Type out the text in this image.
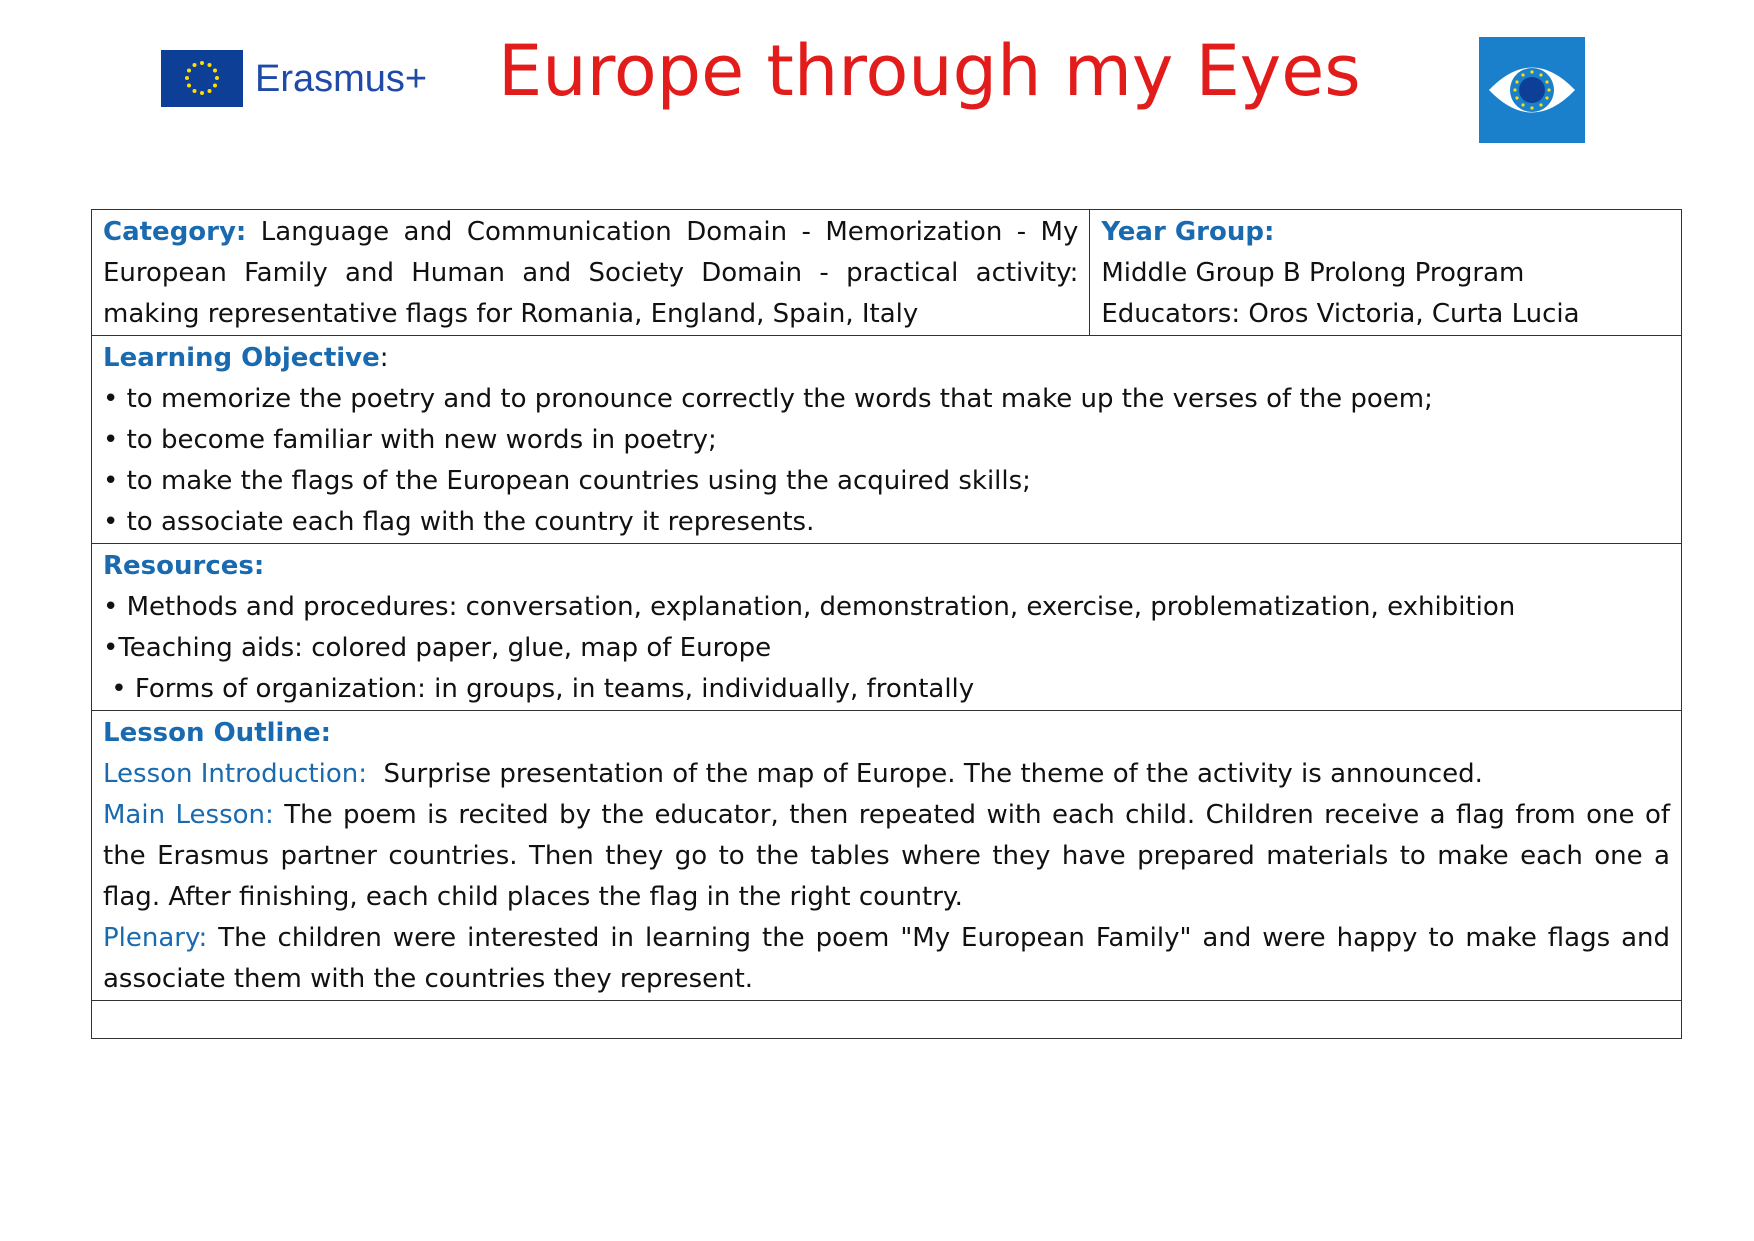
Erasmus+ Europe through my Eyes
Category: Language and Communication Domain - Memorization - My European Family and Human and Society Domain - practical activity: making representative flags for Romania, England, Spain, Italy	
Year Group:
Middle Group B Prolong Program
Educators: Oros Victoria, Curta Lucia

Learning Objective:
• to memorize the poetry and to pronounce correctly the words that make up the verses of the poem;
• to become familiar with new words in poetry;
• to make the flags of the European countries using the acquired skills;
• to associate each flag with the country it represents.

Resources:
• Methods and procedures: conversation, explanation, demonstration, exercise, problematization, exhibition
•Teaching aids: colored paper, glue, map of Europe
• Forms of organization: in groups, in teams, individually, frontally

Lesson Outline:
Lesson Introduction: Surprise presentation of the map of Europe. The theme of the activity is announced.
Main Lesson: The poem is recited by the educator, then repeated with each child. Children receive a flag from one of the Erasmus partner countries. Then they go to the tables where they have prepared materials to make each one a flag. After finishing, each child places the flag in the right country.
Plenary: The children were interested in learning the poem "My European Family" and were happy to make flags and associate them with the countries they represent.
